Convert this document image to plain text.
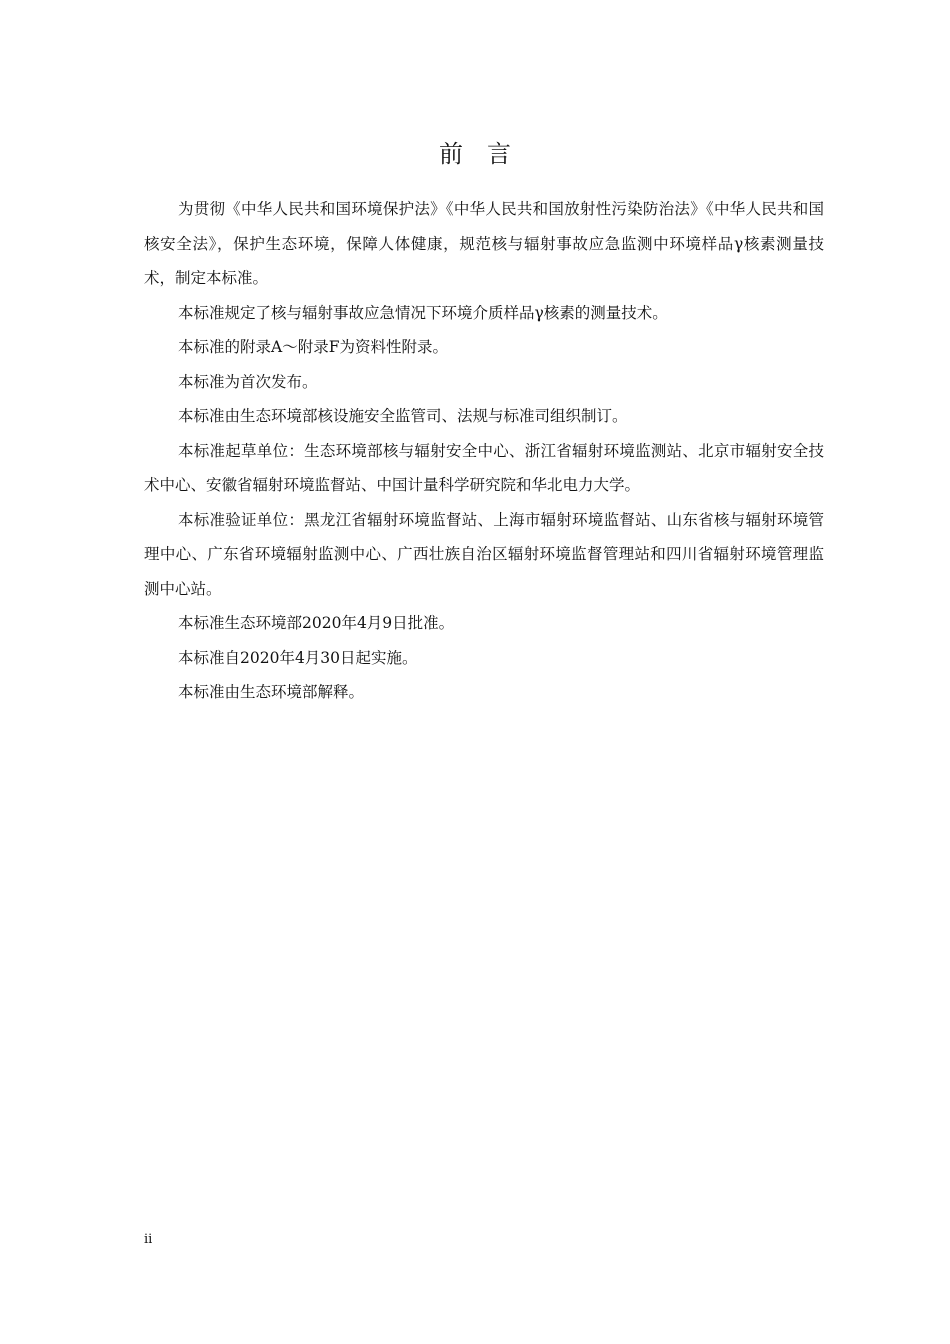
前言

为贯彻《中华人民共和国环境保护法》《中华人民共和国放射性污染防治法》《中华人民共和国核安全法》，保护生态环境，保障人体健康，规范核与辐射事故应急监测中环境样品γ核素测量技术，制定本标准。

本标准规定了核与辐射事故应急情况下环境介质样品γ核素的测量技术。

本标准的附录A～附录F为资料性附录。

本标准为首次发布。

本标准由生态环境部核设施安全监管司、法规与标准司组织制订。

本标准起草单位：生态环境部核与辐射安全中心、浙江省辐射环境监测站、北京市辐射安全技术中心、安徽省辐射环境监督站、中国计量科学研究院和华北电力大学。

本标准验证单位：黑龙江省辐射环境监督站、上海市辐射环境监督站、山东省核与辐射环境管理中心、广东省环境辐射监测中心、广西壮族自治区辐射环境监督管理站和四川省辐射环境管理监测中心站。

本标准生态环境部2020年4月9日批准。

本标准自2020年4月30日起实施。

本标准由生态环境部解释。

ii
